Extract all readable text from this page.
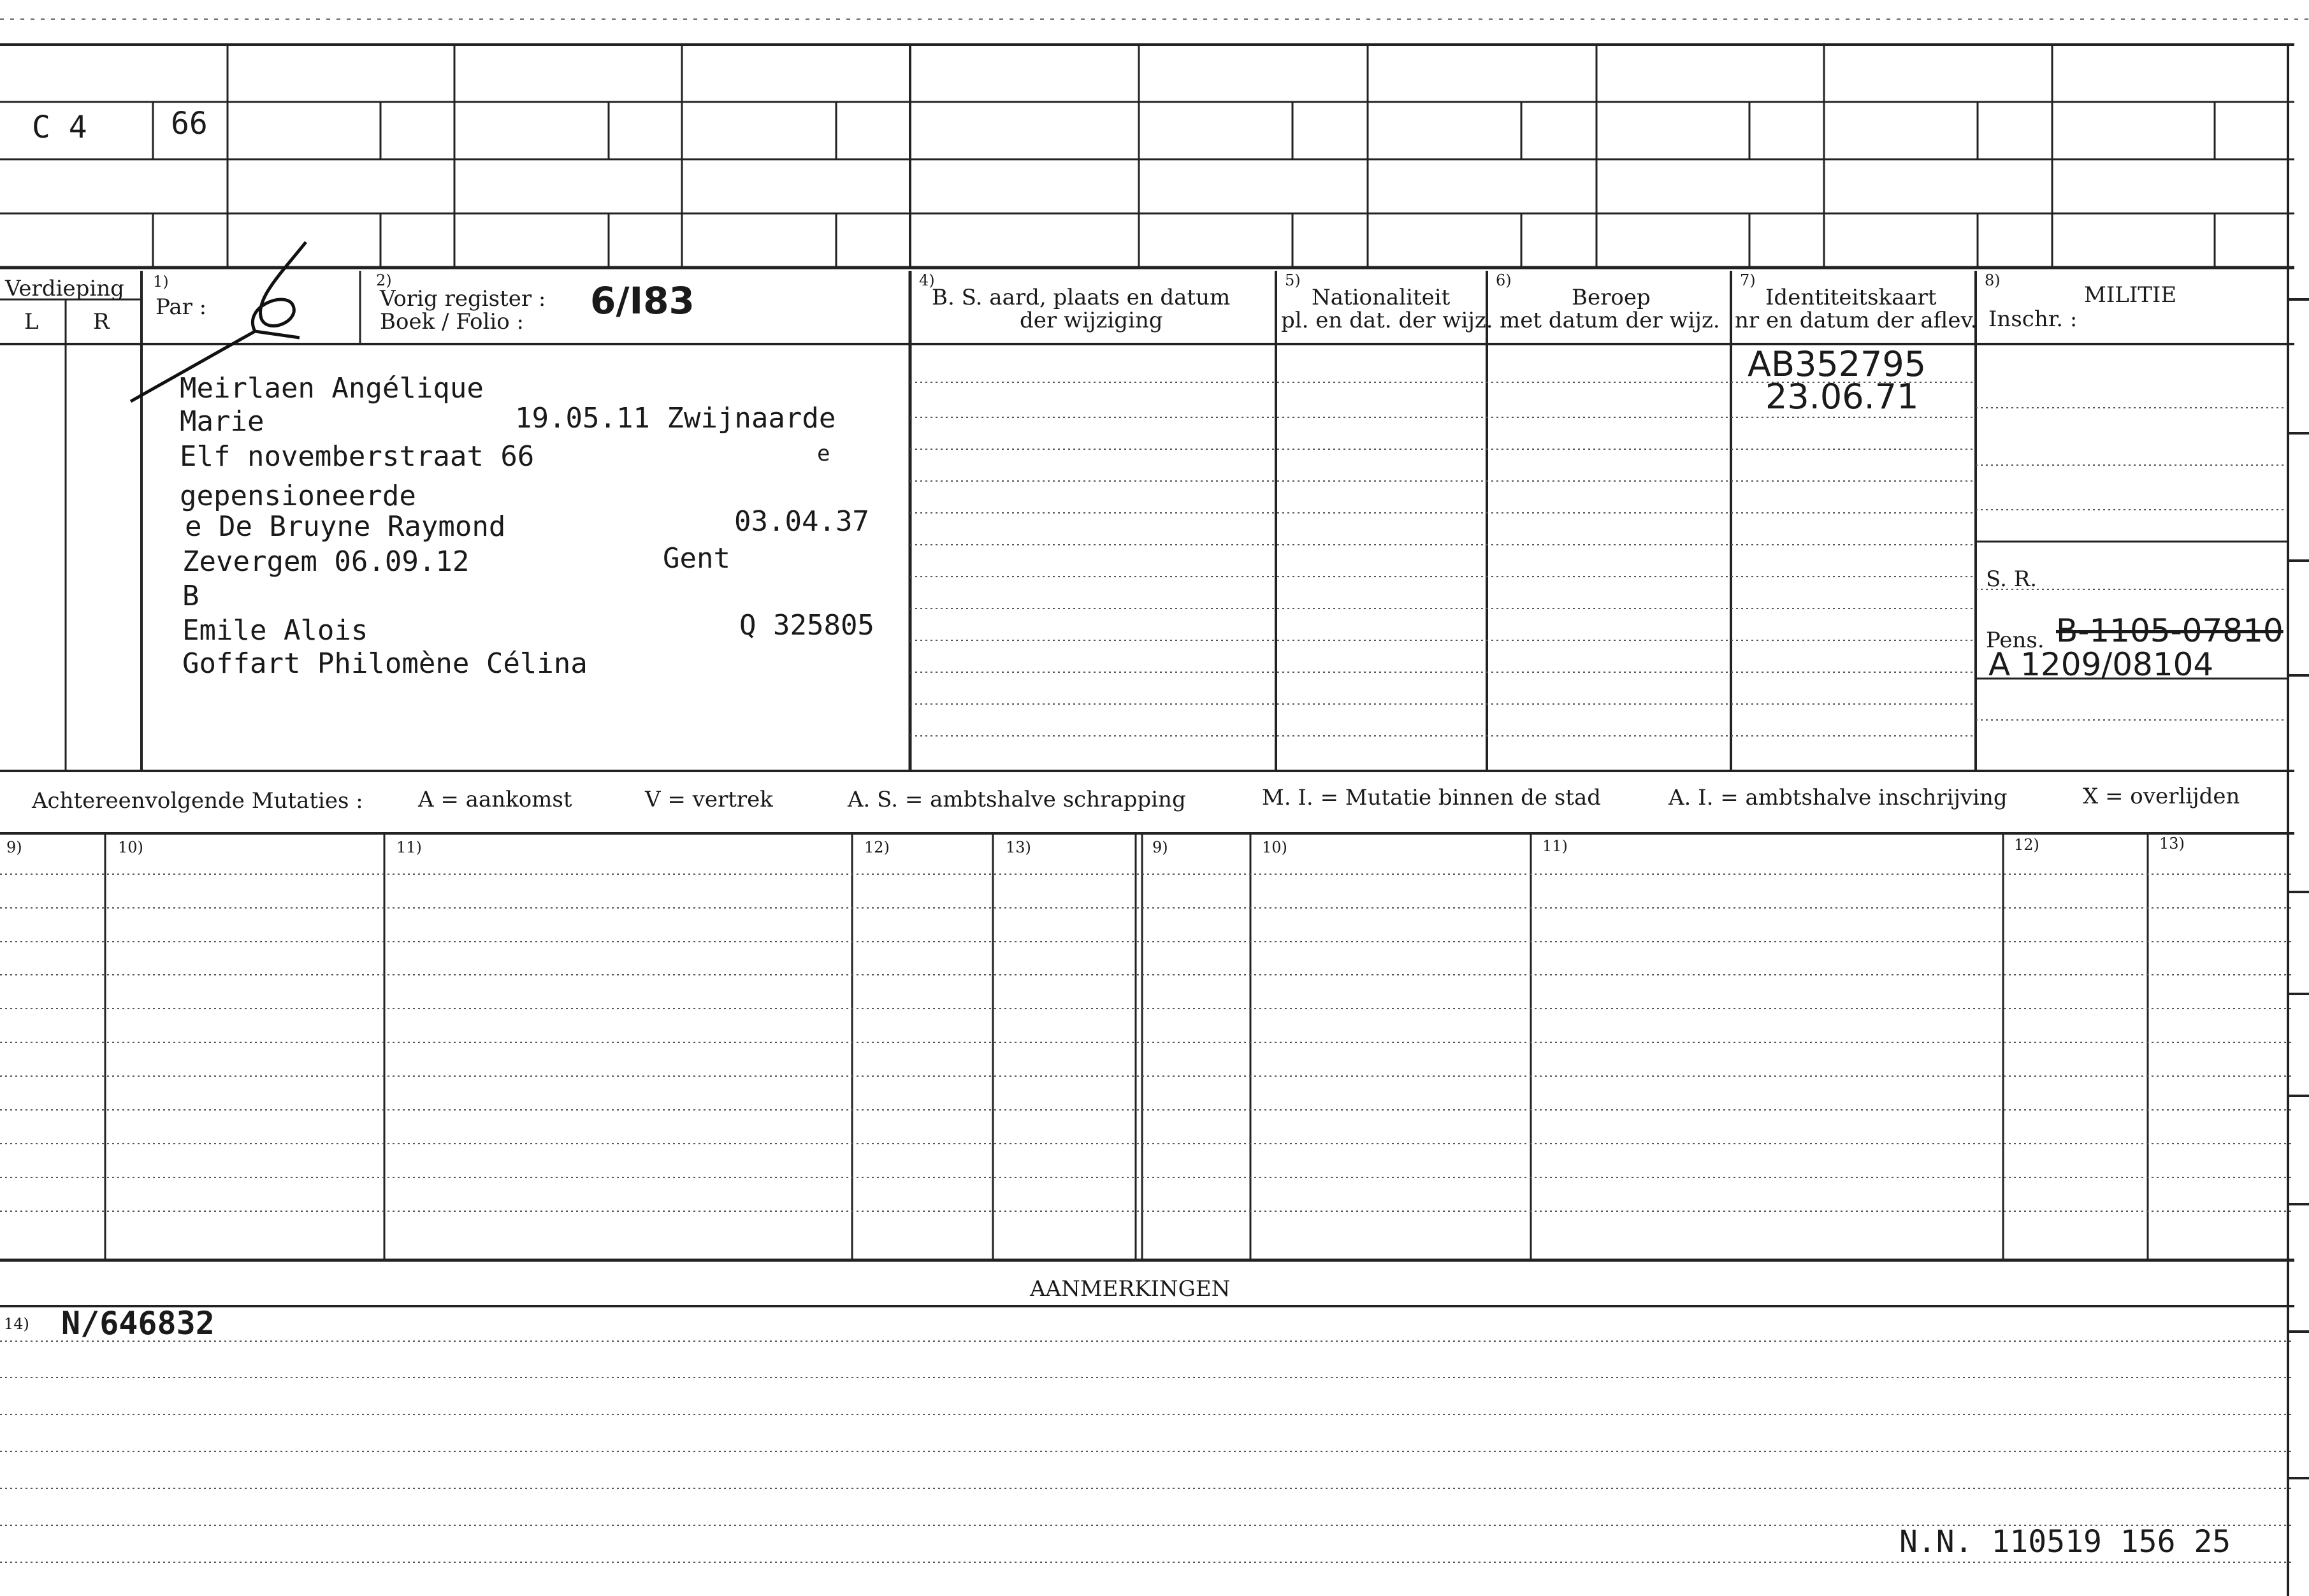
C 4	66
Verdieping
L	R
1)
Par :
2)
Vorig register :
Boek / Folio : 6/I83	4)
B. S. aard, plaats en datum
der wijziging
5)
Nationaliteit
pl. en dat. der wijz.
6)
Beroep
met datum der wijz.
7)
Identiteitskaart
nr en datum der aflev.
8)
MILITIE
Inschr. :
S. R.
Pens.
Meirlaen Angélique
Marie	19.05.11 Zwijnaarde
Elf novemberstraat 66	e
gepensioneerde
e De Bruyne Raymond	03.04.37
Zevergem 06.09.12	Gent
B
Emile Alois	Q 325805
Goffart Philomène Célina
AB352795
23.06.71
B-1105-07810
A 1209/08104
Achtereenvolgende Mutaties :	A = aankomst	V = vertrek	A. S. = ambtshalve schrapping	M. I. = Mutatie binnen de stad	A. I. = ambtshalve inschrijving	X = overlijden
9)	10)	11)	12)	13)	9)	10)	11)	12)	13)
AANMERKINGEN
14) N/646832
N.N. 110519 156 25
